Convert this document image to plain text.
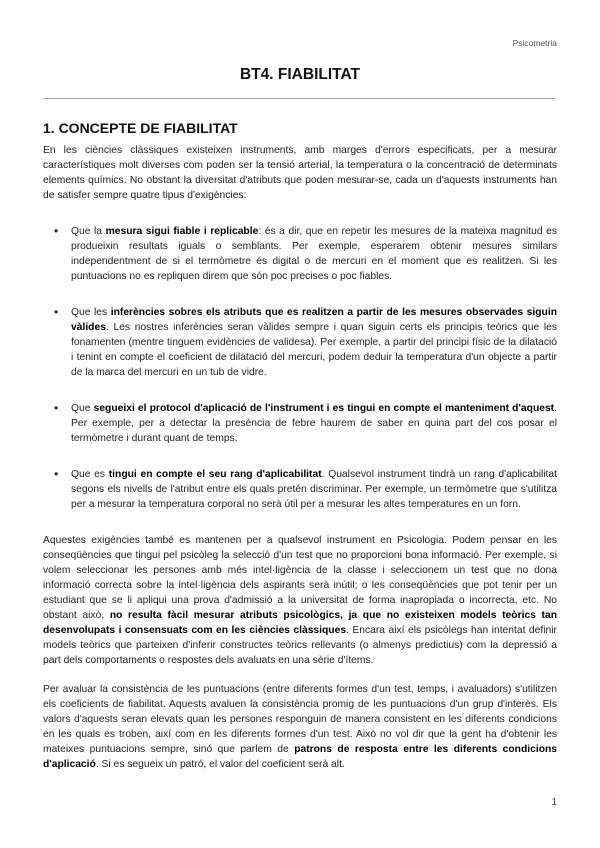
Psicometria
BT4. FIABILITAT
1. CONCEPTE DE FIABILITAT

En les ciències clàssiques existeixen instruments, amb marges d'errors especificats, per a mesurar característiques molt diverses com poden ser la tensió arterial, la temperatura o la concentració de determinats elements químics. No obstant la diversitat d'atributs que poden mesurar-se, cada un d'aquests instruments han de satisfer sempre quatre tipus d'exigències:

• Que la mesura sigui fiable i replicable: és a dir, que en repetir les mesures de la mateixa magnitud es produeixin resultats iguals o semblants. Per exemple, esperarem obtenir mesures similars independentment de si el termòmetre és digital o de mercuri en el moment que es realitzen. Si les puntuacions no es repliquen direm que són poc precises o poc fiables.
• Que les inferències sobres els atributs que es realitzen a partir de les mesures observades siguin vàlides. Les nostres inferències seran vàlides sempre i quan siguin certs els principis teòrics que les fonamenten (mentre tinguem evidències de validesa). Per exemple, a partir del principi físic de la dilatació i tenint en compte el coeficient de dilatació del mercuri, podem deduir la temperatura d'un objecte a partir de la marca del mercuri en un tub de vidre.
• Que segueixi el protocol d'aplicació de l'instrument i es tingui en compte el manteniment d'aquest. Per exemple, per a detectar la presència de febre haurem de saber en quina part del cos posar el termòmetre i durant quant de temps.
• Que es tingui en compte el seu rang d'aplicabilitat. Qualsevol instrument tindrà un rang d'aplicabilitat segons els nivells de l'atribut entre els quals pretén discriminar. Per exemple, un termòmetre que s'utilitza per a mesurar la temperatura corporal no serà útil per a mesurar les altes temperatures en un forn.

Aquestes exigències també es mantenen per a qualsevol instrument en Psicologia. Podem pensar en les conseqüències que tingui pel psicòleg la selecció d'un test que no proporcioni bona informació. Per exemple, si volem seleccionar les persones amb més intel·ligència de la classe i seleccionem un test que no dona informació correcta sobre la intel·ligència dels aspirants serà inútil; o les conseqüències que pot tenir per un estudiant que se li apliqui una prova d'admissió a la universitat de forma inapropiada o incorrecta, etc. No obstant això, no resulta fàcil mesurar atributs psicològics, ja que no existeixen models teòrics tan desenvolupats i consensuats com en les ciències clàssiques. Encara així els psicòlegs han intentat definir models teòrics que parteixen d'inferir constructes teòrics rellevants (o almenys predictius) com la depressió a part dels comportaments o respostes dels avaluats en una sèrie d'ítems.

Per avaluar la consistència de les puntuacions (entre diferents formes d'un test, temps, i avaluadors) s'utilitzen els coeficients de fiabilitat. Aquests avaluen la consistència promig de les puntuacions d'un grup d'interès. Els valors d'aquests seran elevats quan les persones responguin de manera consistent en les diferents condicions en les quals es troben, així com en les diferents formes d'un test. Això no vol dir que la gent ha d'obtenir les mateixes puntuacions sempre, sinó que parlem de patrons de resposta entre les diferents condicions d'aplicació. Si es segueix un patró, el valor del coeficient serà alt.

1
